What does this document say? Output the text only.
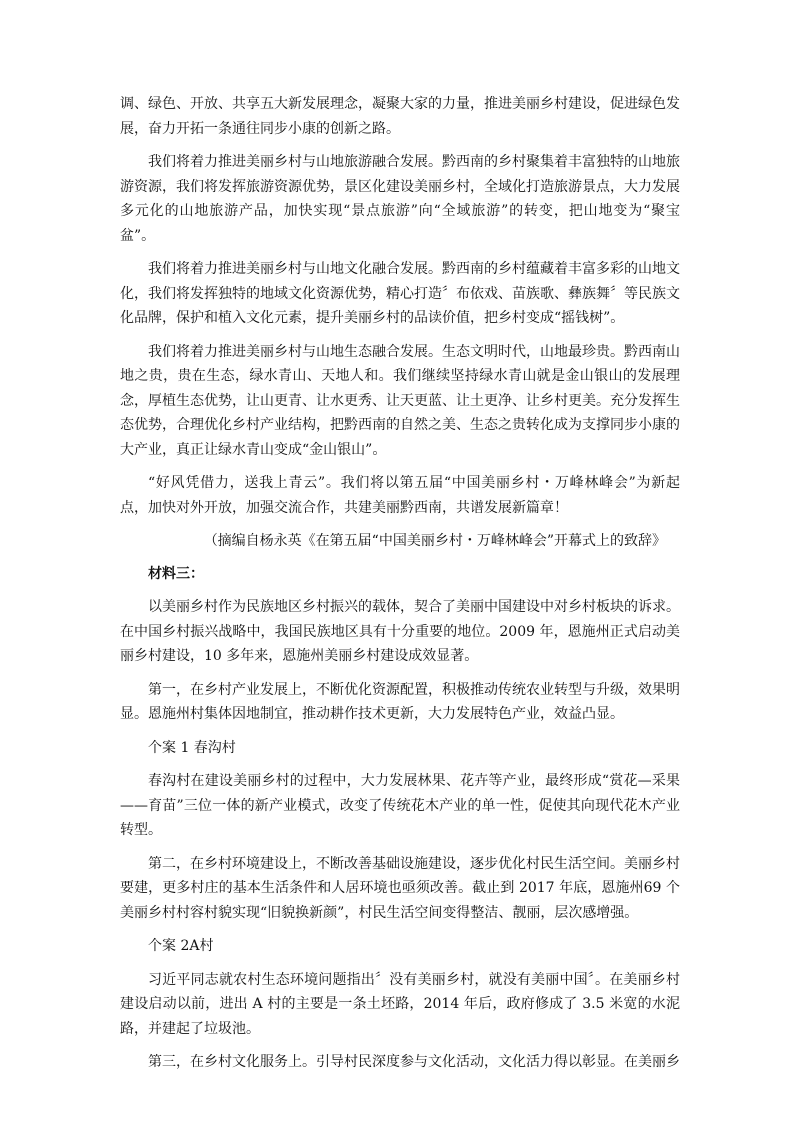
调、绿色、开放、共享五大新发展理念，凝聚大家的力量，推进美丽乡村建设，促进绿色发展，奋力开拓一条通往同步小康的创新之路。

我们将着力推进美丽乡村与山地旅游融合发展。黔西南的乡村聚集着丰富独特的山地旅游资源，我们将发挥旅游资源优势，景区化建设美丽乡村，全域化打造旅游景点，大力发展多元化的山地旅游产品，加快实现“景点旅游”向“全域旅游”的转变，把山地变为“聚宝盆”。

我们将着力推进美丽乡村与山地文化融合发展。黔西南的乡村蕴藏着丰富多彩的山地文化，我们将发挥独特的地域文化资源优势，精心打造〞布依戏、苗族歌、彝族舞〞等民族文化品牌，保护和植入文化元素，提升美丽乡村的品读价值，把乡村变成“摇钱树”。

我们将着力推进美丽乡村与山地生态融合发展。生态文明时代，山地最珍贵。黔西南山地之贵，贵在生态，绿水青山、天地人和。我们继续坚持绿水青山就是金山银山的发展理念，厚植生态优势，让山更青、让水更秀、让天更蓝、让土更净、让乡村更美。充分发挥生态优势，合理优化乡村产业结构，把黔西南的自然之美、生态之贵转化成为支撑同步小康的大产业，真正让绿水青山变成“金山银山”。

“好风凭借力，送我上青云”。我们将以第五届“中国美丽乡村・万峰林峰会”为新起点，加快对外开放，加强交流合作，共建美丽黔西南，共谱发展新篇章！

（摘编自杨永英《在第五届“中国美丽乡村・万峰林峰会”开幕式上的致辞》

材料三：

以美丽乡村作为民族地区乡村振兴的载体，契合了美丽中国建设中对乡村板块的诉求。在中国乡村振兴战略中，我国民族地区具有十分重要的地位。2009 年，恩施州正式启动美丽乡村建设，10 多年来，恩施州美丽乡村建设成效显著。

第一，在乡村产业发展上，不断优化资源配置，积极推动传统农业转型与升级，效果明显。恩施州村集体因地制宜，推动耕作技术更新，大力发展特色产业，效益凸显。

个案 1 春沟村

春沟村在建设美丽乡村的过程中，大力发展林果、花卉等产业，最终形成“赏花—采果——育苗”三位一体的新产业模式，改变了传统花木产业的单一性，促使其向现代花木产业转型。

第二，在乡村环境建设上，不断改善基础设施建设，逐步优化村民生活空间。美丽乡村要建，更多村庄的基本生活条件和人居环境也亟须改善。截止到 2017 年底，恩施州69 个美丽乡村村容村貌实现“旧貌换新颜”，村民生活空间变得整洁、靓丽，层次感增强。

个案 2A村

习近平同志就农村生态环境问题指出〞没有美丽乡村，就没有美丽中国〞。在美丽乡村建设启动以前，进出 A 村的主要是一条土坯路，2014 年后，政府修成了 3.5 米宽的水泥路，并建起了垃圾池。

第三，在乡村文化服务上。引导村民深度参与文化活动，文化活力得以彰显。在美丽乡
